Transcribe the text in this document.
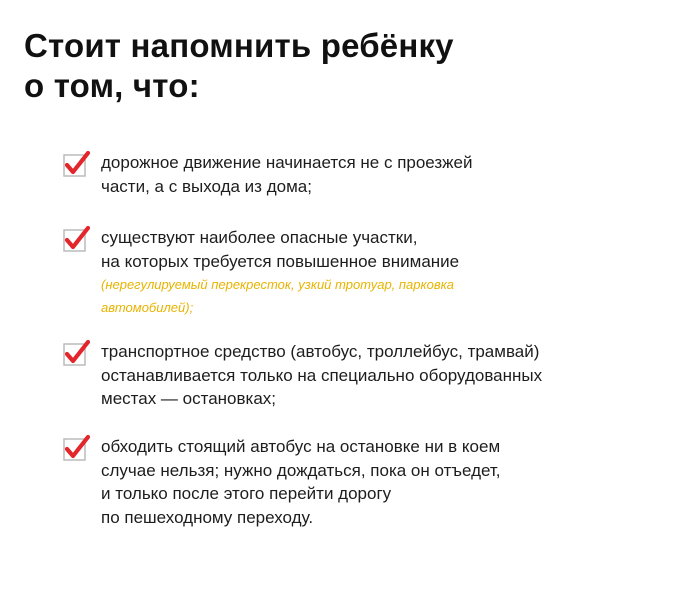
Стоит напомнить ребёнку
о том, что:
дорожное движение начинается не с проезжей
части, а с выхода из дома;
существуют наиболее опасные участки,
на которых требуется повышенное внимание
(нерегулируемый перекресток, узкий тротуар, парковка
автомобилей);
транспортное средство (автобус, троллейбус, трамвай)
останавливается только на специально оборудованных
местах — остановках;
обходить стоящий автобус на остановке ни в коем
случае нельзя; нужно дождаться, пока он отъедет,
и только после этого перейти дорогу
по пешеходному переходу.
